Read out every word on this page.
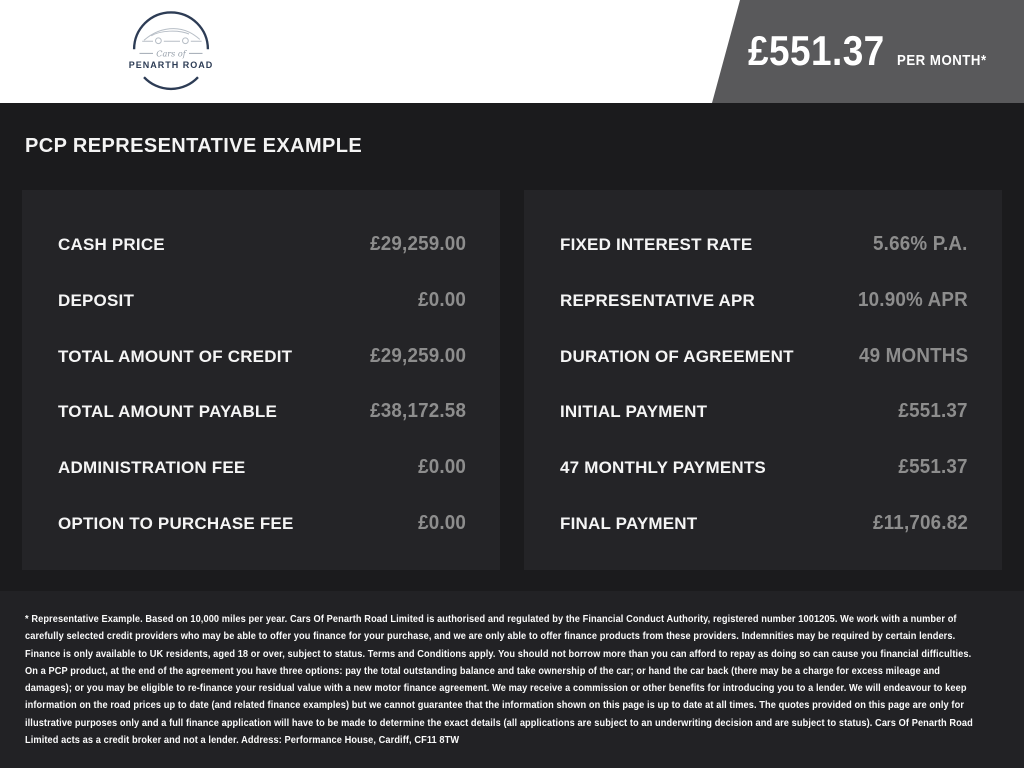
Cars of
PENARTH ROAD	£551.37 PER MONTH*
PCP REPRESENTATIVE EXAMPLE
CASH PRICE	£29,259.00
DEPOSIT	£0.00
TOTAL AMOUNT OF CREDIT	£29,259.00
TOTAL AMOUNT PAYABLE	£38,172.58
ADMINISTRATION FEE	£0.00
OPTION TO PURCHASE FEE	£0.00
FIXED INTEREST RATE	5.66% P.A.
REPRESENTATIVE APR	10.90% APR
DURATION OF AGREEMENT	49 MONTHS
INITIAL PAYMENT	£551.37
47 MONTHLY PAYMENTS	£551.37
FINAL PAYMENT	£11,706.82
* Representative Example. Based on 10,000 miles per year. Cars Of Penarth Road Limited is authorised and regulated by the Financial Conduct Authority, registered number 1001205. We work with a number of carefully selected credit providers who may be able to offer you finance for your purchase, and we are only able to offer finance products from these providers. Indemnities may be required by certain lenders. Finance is only available to UK residents, aged 18 or over, subject to status. Terms and Conditions apply. You should not borrow more than you can afford to repay as doing so can cause you financial difficulties. On a PCP product, at the end of the agreement you have three options: pay the total outstanding balance and take ownership of the car; or hand the car back (there may be a charge for excess mileage and damages); or you may be eligible to re-finance your residual value with a new motor finance agreement. We may receive a commission or other benefits for introducing you to a lender. We will endeavour to keep information on the road prices up to date (and related finance examples) but we cannot guarantee that the information shown on this page is up to date at all times. The quotes provided on this page are only for illustrative purposes only and a full finance application will have to be made to determine the exact details (all applications are subject to an underwriting decision and are subject to status). Cars Of Penarth Road Limited acts as a credit broker and not a lender. Address: Performance House, Cardiff, CF11 8TW
